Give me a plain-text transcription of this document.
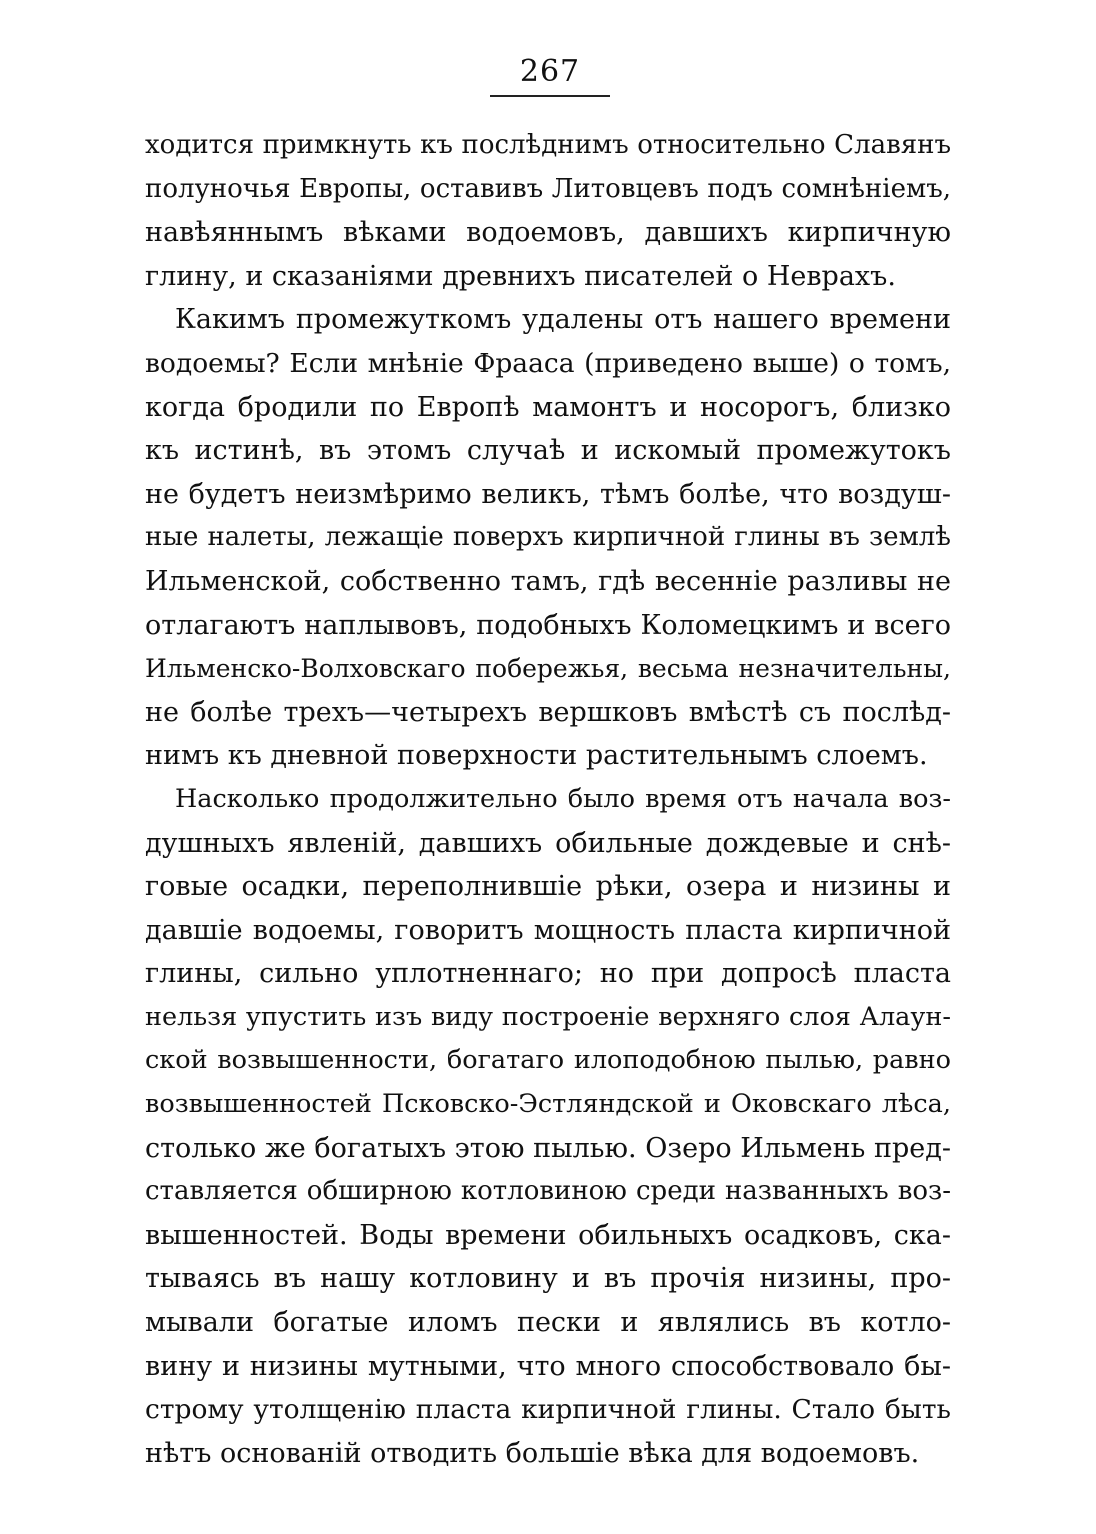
267
ходится примкнуть къ послѣднимъ относительно Славянъ
полуночья Европы, оставивъ Литовцевъ подъ сомнѣніемъ,
навѣяннымъ вѣками водоемовъ, давшихъ кирпичную
глину, и сказаніями древнихъ писателей о Неврахъ.
Какимъ промежуткомъ удалены отъ нашего времени
водоемы? Если мнѣніе Фрааса (приведено выше) о томъ,
когда бродили по Европѣ мамонтъ и носорогъ, близко
къ истинѣ, въ этомъ случаѣ и искомый промежутокъ
не будетъ неизмѣримо великъ, тѣмъ болѣе, что воздуш-
ные налеты, лежащіе поверхъ кирпичной глины въ землѣ
Ильменской, собственно тамъ, гдѣ весенніе разливы не
отлагаютъ наплывовъ, подобныхъ Коломецкимъ и всего
Ильменско-Волховскаго побережья, весьма незначительны,
не болѣе трехъ—четырехъ вершковъ вмѣстѣ съ послѣд-
нимъ къ дневной поверхности растительнымъ слоемъ.
Насколько продолжительно было время отъ начала воз-
душныхъ явленій, давшихъ обильные дождевые и снѣ-
говые осадки, переполнившіе рѣки, озера и низины и
давшіе водоемы, говоритъ мощность пласта кирпичной
глины, сильно уплотненнаго; но при допросѣ пласта
нельзя упустить изъ виду построеніе верхняго слоя Алаун-
ской возвышенности, богатаго илоподобною пылью, равно
возвышенностей Псковско-Эстляндской и Оковскаго лѣса,
столько же богатыхъ этою пылью. Озеро Ильмень пред-
ставляется обширною котловиною среди названныхъ воз-
вышенностей. Воды времени обильныхъ осадковъ, ска-
тываясь въ нашу котловину и въ прочія низины, про-
мывали богатые иломъ пески и являлись въ котло-
вину и низины мутными, что много способствовало бы-
строму утолщенію пласта кирпичной глины. Стало быть
нѣтъ основаній отводить большіе вѣка для водоемовъ.
